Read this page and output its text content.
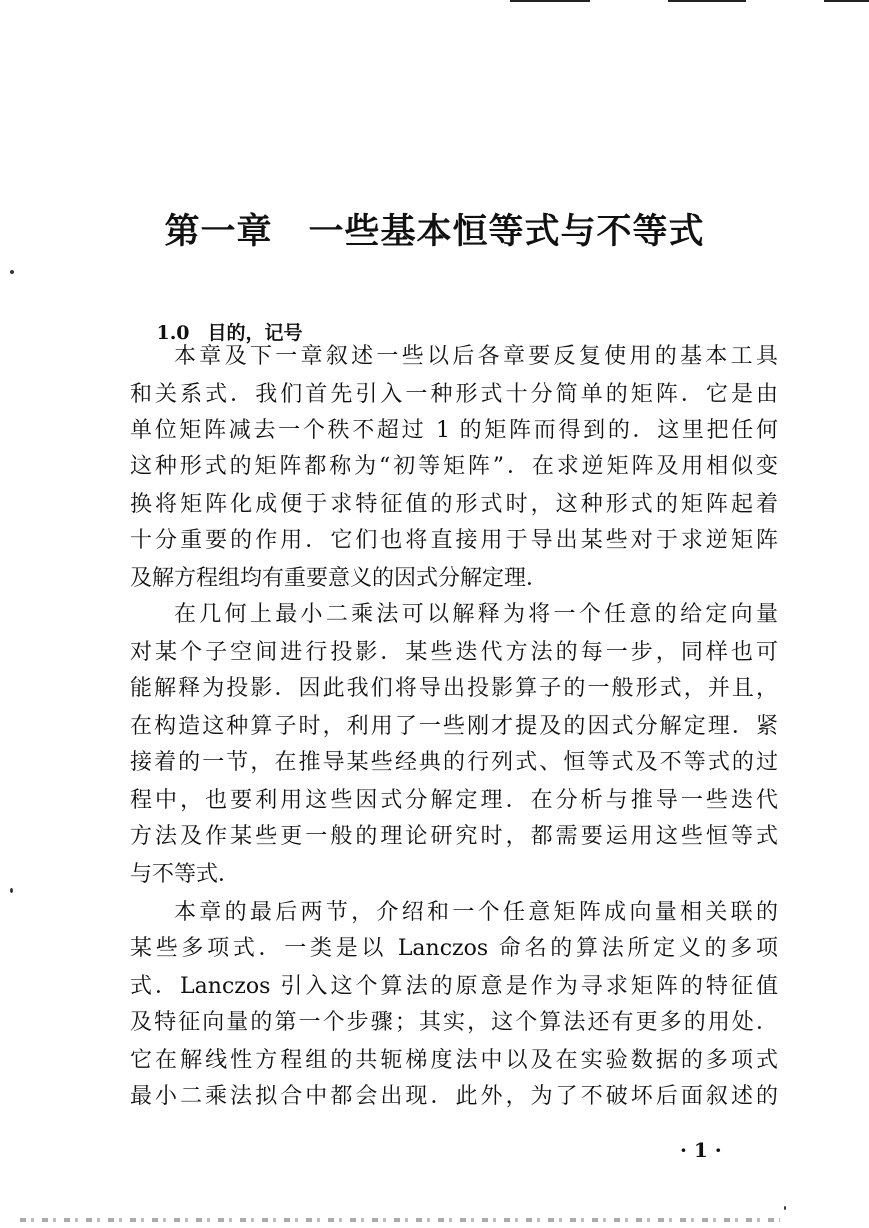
第一章　一些基本恒等式与不等式

1.0 目的，记号

本章及下一章叙述一些以后各章要反复使用的基本工具
和关系式．我们首先引入一种形式十分简单的矩阵．它是由
单位矩阵减去一个秩不超过 1 的矩阵而得到的．这里把任何
这种形式的矩阵都称为“初等矩阵”．在求逆矩阵及用相似变
换将矩阵化成便于求特征值的形式时，这种形式的矩阵起着
十分重要的作用．它们也将直接用于导出某些对于求逆矩阵
及解方程组均有重要意义的因式分解定理．
在几何上最小二乘法可以解释为将一个任意的给定向量
对某个子空间进行投影．某些迭代方法的每一步，同样也可
能解释为投影．因此我们将导出投影算子的一般形式，并且，
在构造这种算子时，利用了一些刚才提及的因式分解定理．紧
接着的一节，在推导某些经典的行列式、恒等式及不等式的过
程中，也要利用这些因式分解定理．在分析与推导一些迭代
方法及作某些更一般的理论研究时，都需要运用这些恒等式
与不等式．
本章的最后两节，介绍和一个任意矩阵成向量相关联的
某些多项式．一类是以 Lanczos 命名的算法所定义的多项
式．Lanczos 引入这个算法的原意是作为寻求矩阵的特征值
及特征向量的第一个步骤；其实，这个算法还有更多的用处．
它在解线性方程组的共轭梯度法中以及在实验数据的多项式
最小二乘法拟合中都会出现．此外，为了不破坏后面叙述的
· 1 ·
